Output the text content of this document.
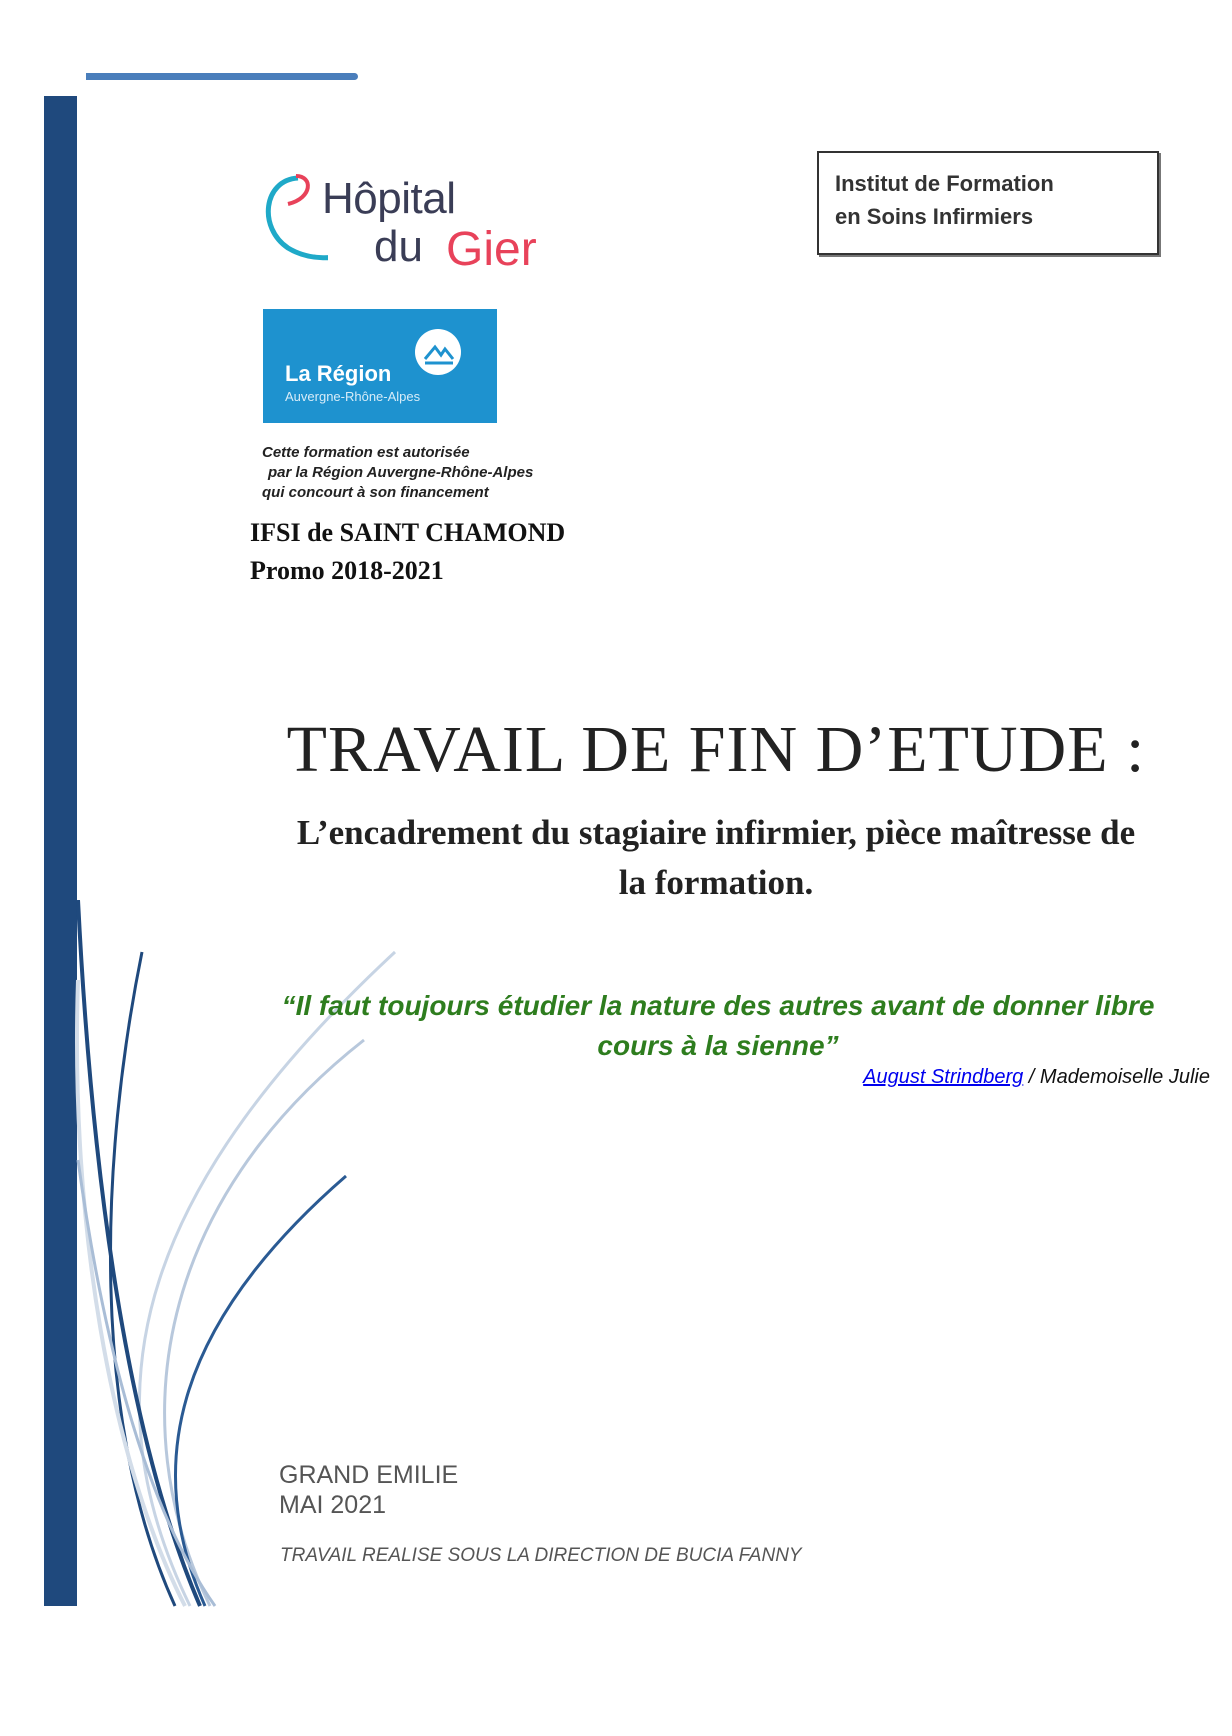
Hôpital
du Gier
La Région
Auvergne-Rhône-Alpes
Cette formation est autorisée
par la Région Auvergne-Rhône-Alpes
qui concourt à son financement
Institut de Formation
en Soins Infirmiers
IFSI de SAINT CHAMOND
Promo 2018-2021
TRAVAIL DE FIN D’ETUDE :
L’encadrement du stagiaire infirmier, pièce maîtresse de
la formation.
“Il faut toujours étudier la nature des autres avant de donner libre
cours à la sienne”
August Strindberg / Mademoiselle Julie
GRAND EMILIE
MAI 2021
TRAVAIL REALISE SOUS LA DIRECTION DE BUCIA FANNY
